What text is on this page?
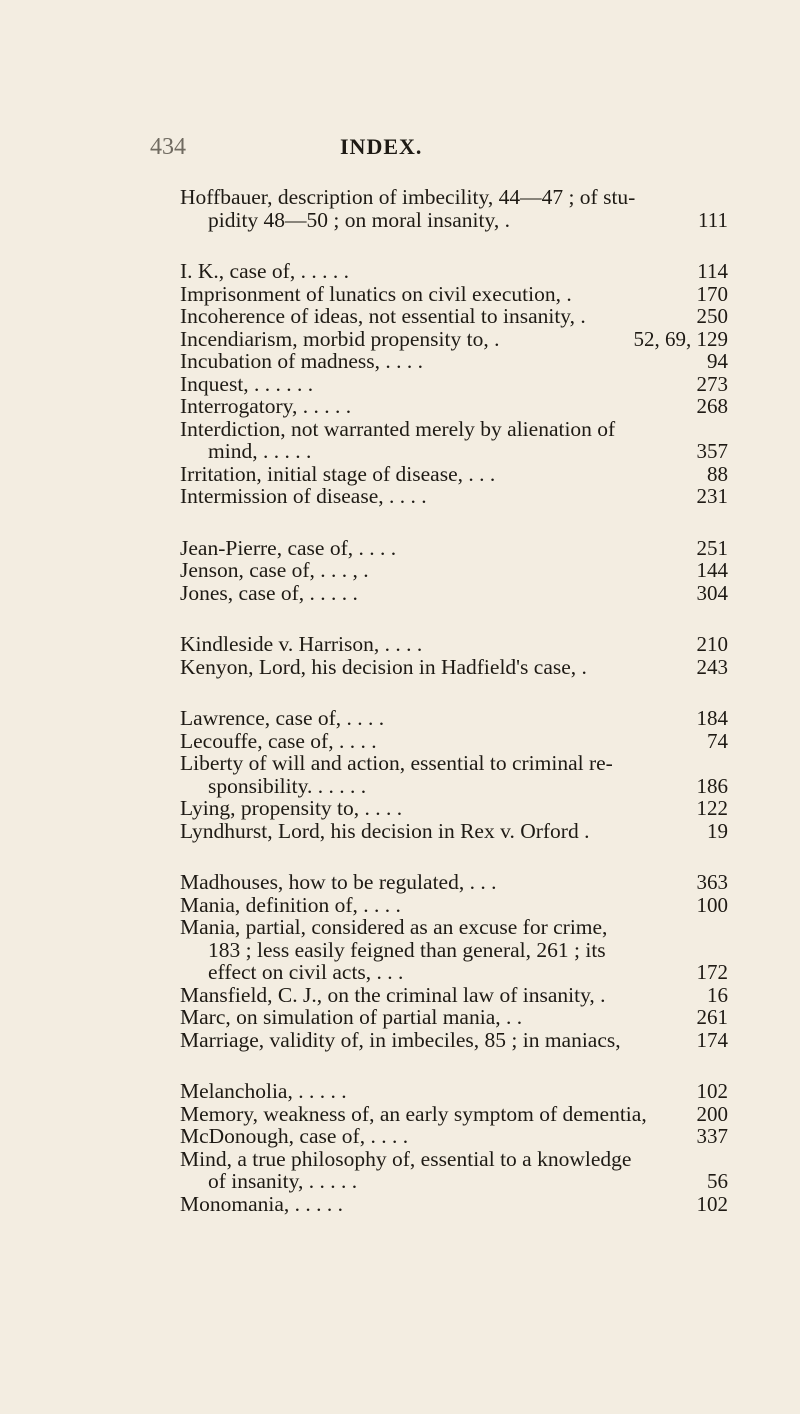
434	INDEX.
Hoffbauer, description of imbecility, 44—47 ; of stu-
pidity 48—50 ; on moral insanity, .	111
I. K., case of, . . . . .	114
Imprisonment of lunatics on civil execution, .	170
Incoherence of ideas, not essential to insanity, .	250
Incendiarism, morbid propensity to, .	52, 69, 129
Incubation of madness, . . . .	94
Inquest, . . . . . .	273
Interrogatory, . . . . .	268
Interdiction, not warranted merely by alienation of
mind, . . . . .	357
Irritation, initial stage of disease, . . .	88
Intermission of disease, . . . .	231
Jean-Pierre, case of, . . . .	251
Jenson, case of, . . . , .	144
Jones, case of, . . . . .	304
Kindleside v. Harrison, . . . .	210
Kenyon, Lord, his decision in Hadfield's case, .	243
Lawrence, case of, . . . .	184
Lecouffe, case of, . . . .	74
Liberty of will and action, essential to criminal re-
sponsibility. . . . . .	186
Lying, propensity to, . . . .	122
Lyndhurst, Lord, his decision in Rex v. Orford .	19
Madhouses, how to be regulated, . . .	363
Mania, definition of, . . . .	100
Mania, partial, considered as an excuse for crime,
183 ; less easily feigned than general, 261 ; its
effect on civil acts, . . .	172
Mansfield, C. J., on the criminal law of insanity, .	16
Marc, on simulation of partial mania, . .	261
Marriage, validity of, in imbeciles, 85 ; in maniacs,	174
Melancholia, . . . . .	102
Memory, weakness of, an early symptom of dementia, 200
McDonough, case of, . . . .	337
Mind, a true philosophy of, essential to a knowledge
of insanity, . . . . .	56
Monomania, . . . . .	102
